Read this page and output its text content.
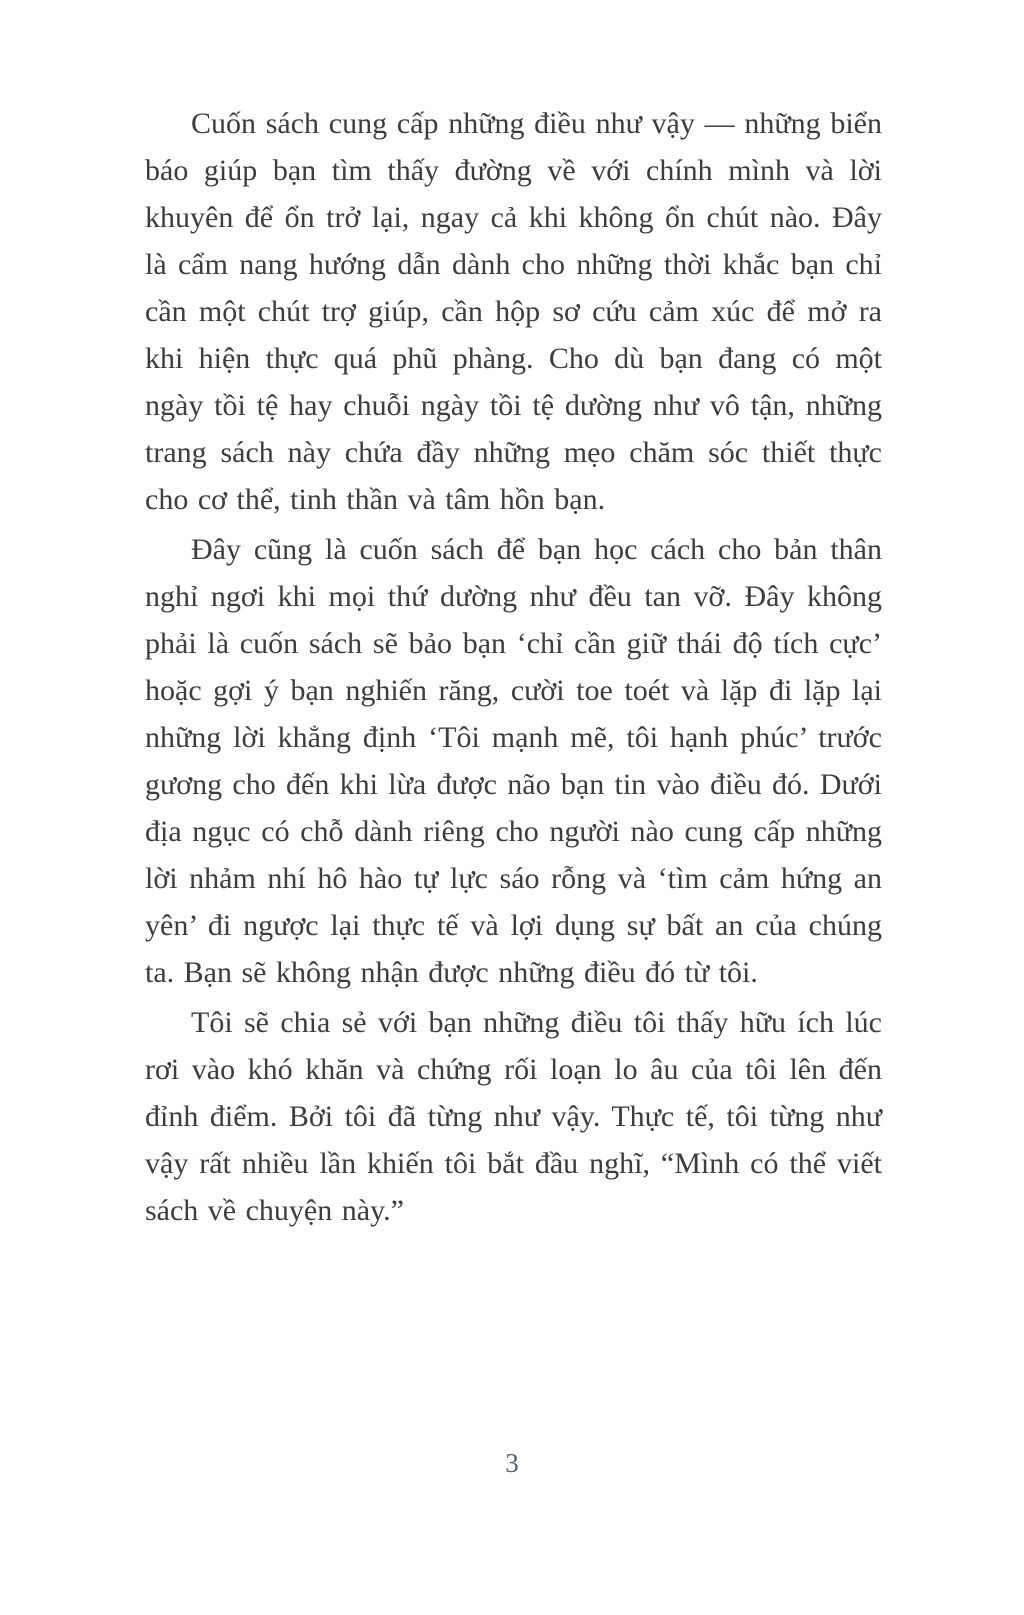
Cuốn sách cung cấp những điều như vậy — những biển báo giúp bạn tìm thấy đường về với chính mình và lời khuyên để ổn trở lại, ngay cả khi không ổn chút nào. Đây là cẩm nang hướng dẫn dành cho những thời khắc bạn chỉ cần một chút trợ giúp, cần hộp sơ cứu cảm xúc để mở ra khi hiện thực quá phũ phàng. Cho dù bạn đang có một ngày tồi tệ hay chuỗi ngày tồi tệ dường như vô tận, những trang sách này chứa đầy những mẹo chăm sóc thiết thực cho cơ thể, tinh thần và tâm hồn bạn.

Đây cũng là cuốn sách để bạn học cách cho bản thân nghỉ ngơi khi mọi thứ dường như đều tan vỡ. Đây không phải là cuốn sách sẽ bảo bạn ‘chỉ cần giữ thái độ tích cực’ hoặc gợi ý bạn nghiến răng, cười toe toét và lặp đi lặp lại những lời khẳng định ‘Tôi mạnh mẽ, tôi hạnh phúc’ trước gương cho đến khi lừa được não bạn tin vào điều đó. Dưới địa ngục có chỗ dành riêng cho người nào cung cấp những lời nhảm nhí hô hào tự lực sáo rỗng và ‘tìm cảm hứng an yên’ đi ngược lại thực tế và lợi dụng sự bất an của chúng ta. Bạn sẽ không nhận được những điều đó từ tôi.

Tôi sẽ chia sẻ với bạn những điều tôi thấy hữu ích lúc rơi vào khó khăn và chứng rối loạn lo âu của tôi lên đến đỉnh điểm. Bởi tôi đã từng như vậy. Thực tế, tôi từng như vậy rất nhiều lần khiến tôi bắt đầu nghĩ, “Mình có thể viết sách về chuyện này.”

3
